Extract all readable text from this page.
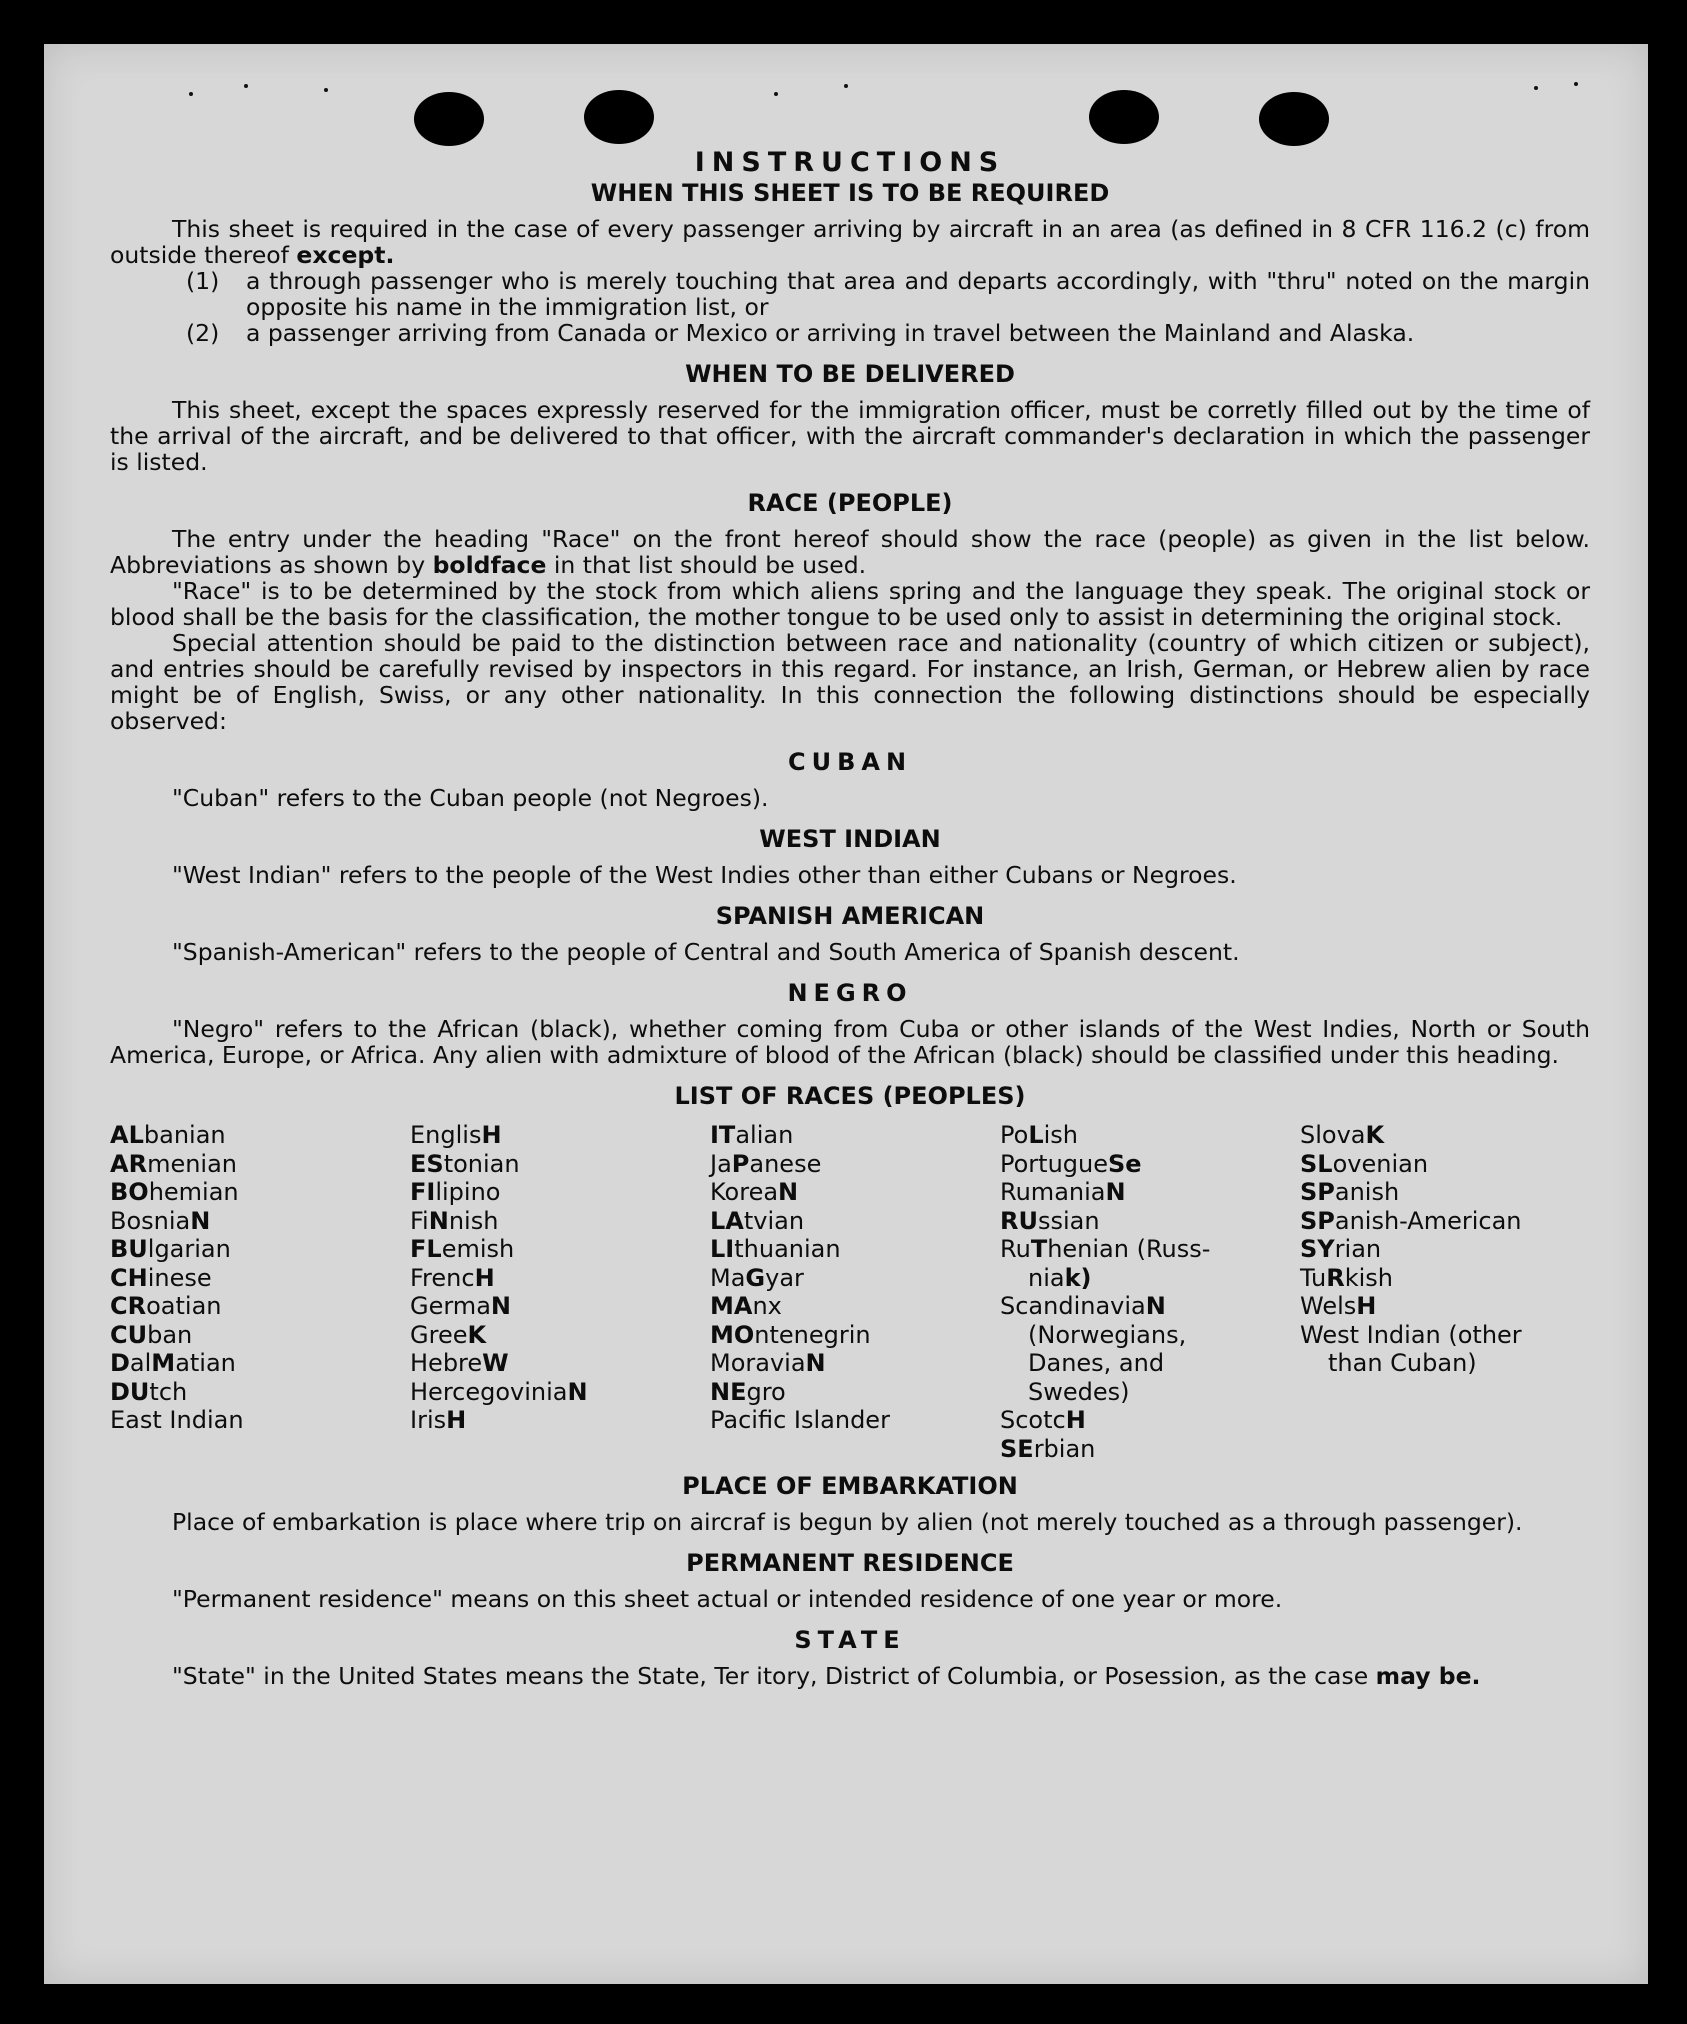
INSTRUCTIONS
WHEN THIS SHEET IS TO BE REQUIRED

This sheet is required in the case of every passenger arriving by aircraft in an area (as defined in 8 CFR 116.2 (c) from outside thereof except.

(1) a through passenger who is merely touching that area and departs accordingly, with "thru" noted on the margin opposite his name in the immigration list, or

(2) a passenger arriving from Canada or Mexico or arriving in travel between the Mainland and Alaska.

WHEN TO BE DELIVERED

This sheet, except the spaces expressly reserved for the immigration officer, must be corretly filled out by the time of the arrival of the aircraft, and be delivered to that officer, with the aircraft commander's declaration in which the passenger is listed.

RACE (PEOPLE)

The entry under the heading "Race" on the front hereof should show the race (people) as given in the list below. Abbreviations as shown by boldface in that list should be used.

"Race" is to be determined by the stock from which aliens spring and the language they speak. The original stock or blood shall be the basis for the classification, the mother tongue to be used only to assist in determining the original stock.

Special attention should be paid to the distinction between race and nationality (country of which citizen or subject), and entries should be carefully revised by inspectors in this regard. For instance, an Irish, German, or Hebrew alien by race might be of English, Swiss, or any other nationality. In this connection the following distinctions should be especially observed:

CUBAN

"Cuban" refers to the Cuban people (not Negroes).

WEST INDIAN

"West Indian" refers to the people of the West Indies other than either Cubans or Negroes.

SPANISH AMERICAN

"Spanish-American" refers to the people of Central and South America of Spanish descent.

NEGRO

"Negro" refers to the African (black), whether coming from Cuba or other islands of the West Indies, North or South America, Europe, or Africa. Any alien with admixture of blood of the African (black) should be classified under this heading.

LIST OF RACES (PEOPLES)
ALbanian
ARmenian
BOhemian
BosniaN
BUlgarian
CHinese
CRoatian
CUban
DalMatian
DUtch
East Indian
EnglisH
EStonian
FIlipino
FiNnish
FLemish
FrencH
GermaN
GreeK
HebreW
HercegoviniaN
IrisH
ITalian
JaPanese
KoreaN
LAtvian
LIthuanian
MaGyar
MAnx
MOntenegrin
MoraviaN
NEgro
Pacific Islander
PoLish
PortugueSe
RumaniaN
RUssian
RuThenian (Russ-
niak)
ScandinaviaN
(Norwegians,
Danes, and
Swedes)
ScotcH
SErbian
SlovaK
SLovenian
SPanish
SPanish-American
SYrian
TuRkish
WelsH
West Indian (other
than Cuban)
PLACE OF EMBARKATION

Place of embarkation is place where trip on aircraf is begun by alien (not merely touched as a through passenger).

PERMANENT RESIDENCE

"Permanent residence" means on this sheet actual or intended residence of one year or more.

STATE

"State" in the United States means the State, Ter itory, District of Columbia, or Posession, as the case may be.
